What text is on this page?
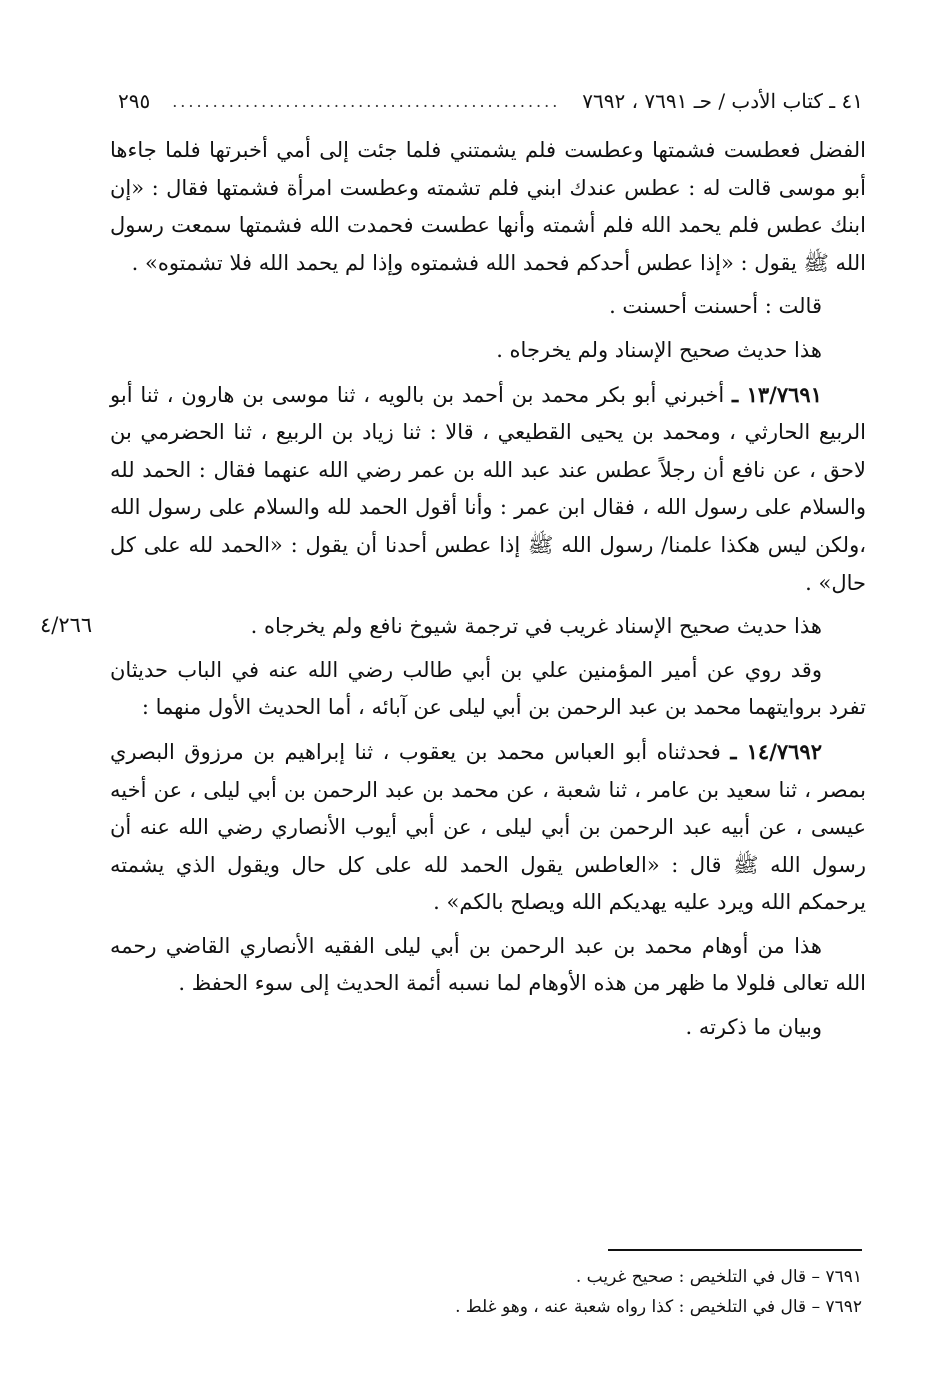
٤١ ـ كتاب الأدب / حـ ٧٦٩١ ، ٧٦٩٢
................................................
٢٩٥

الفضل فعطست فشمتها وعطست فلم يشمتني فلما جئت إلى أمي أخبرتها فلما جاءها أبو موسى قالت له : عطس عندك ابني فلم تشمته وعطست امرأة فشمتها فقال : «إن ابنك عطس فلم يحمد الله فلم أشمته وأنها عطست فحمدت الله فشمتها سمعت رسول الله ﷺ يقول : «إذا عطس أحدكم فحمد الله فشمتوه وإذا لم يحمد الله فلا تشمتوه» .

قالت : أحسنت أحسنت .

هذا حديث صحيح الإسناد ولم يخرجاه .

١٣/٧٦٩١ ـ أخبرني أبو بكر محمد بن أحمد بن بالويه ، ثنا موسى بن هارون ، ثنا أبو الربيع الحارثي ، ومحمد بن يحيى القطيعي ، قالا : ثنا زياد بن الربيع ، ثنا الحضرمي بن لاحق ، عن نافع أن رجلاً عطس عند عبد الله بن عمر رضي الله عنهما فقال : الحمد لله والسلام على رسول الله ، فقال ابن عمر : وأنا أقول الحمد لله والسلام على رسول الله ،ولكن ليس هكذا علمنا/ رسول الله ﷺ إذا عطس أحدنا أن يقول : «الحمد لله على كل حال» .

هذا حديث صحيح الإسناد غريب في ترجمة شيوخ نافع ولم يخرجاه .

وقد روي عن أمير المؤمنين علي بن أبي طالب رضي الله عنه في الباب حديثان تفرد بروايتهما محمد بن عبد الرحمن بن أبي ليلى عن آبائه ، أما الحديث الأول منهما :

١٤/٧٦٩٢ ـ فحدثناه أبو العباس محمد بن يعقوب ، ثنا إبراهيم بن مرزوق البصري بمصر ، ثنا سعيد بن عامر ، ثنا شعبة ، عن محمد بن عبد الرحمن بن أبي ليلى ، عن أخيه عيسى ، عن أبيه عبد الرحمن بن أبي ليلى ، عن أبي أيوب الأنصاري رضي الله عنه أن رسول الله ﷺ قال : «العاطس يقول الحمد لله على كل حال ويقول الذي يشمته يرحمكم الله ويرد عليه يهديكم الله ويصلح بالكم» .

هذا من أوهام محمد بن عبد الرحمن بن أبي ليلى الفقيه الأنصاري القاضي رحمه الله تعالى فلولا ما ظهر من هذه الأوهام لما نسبه أئمة الحديث إلى سوء الحفظ .

وبيان ما ذكرته .

٤/٢٦٦
٧٦٩١ – قال في التلخيص : صحيح غريب .
٧٦٩٢ – قال في التلخيص : كذا رواه شعبة عنه ، وهو غلط .
